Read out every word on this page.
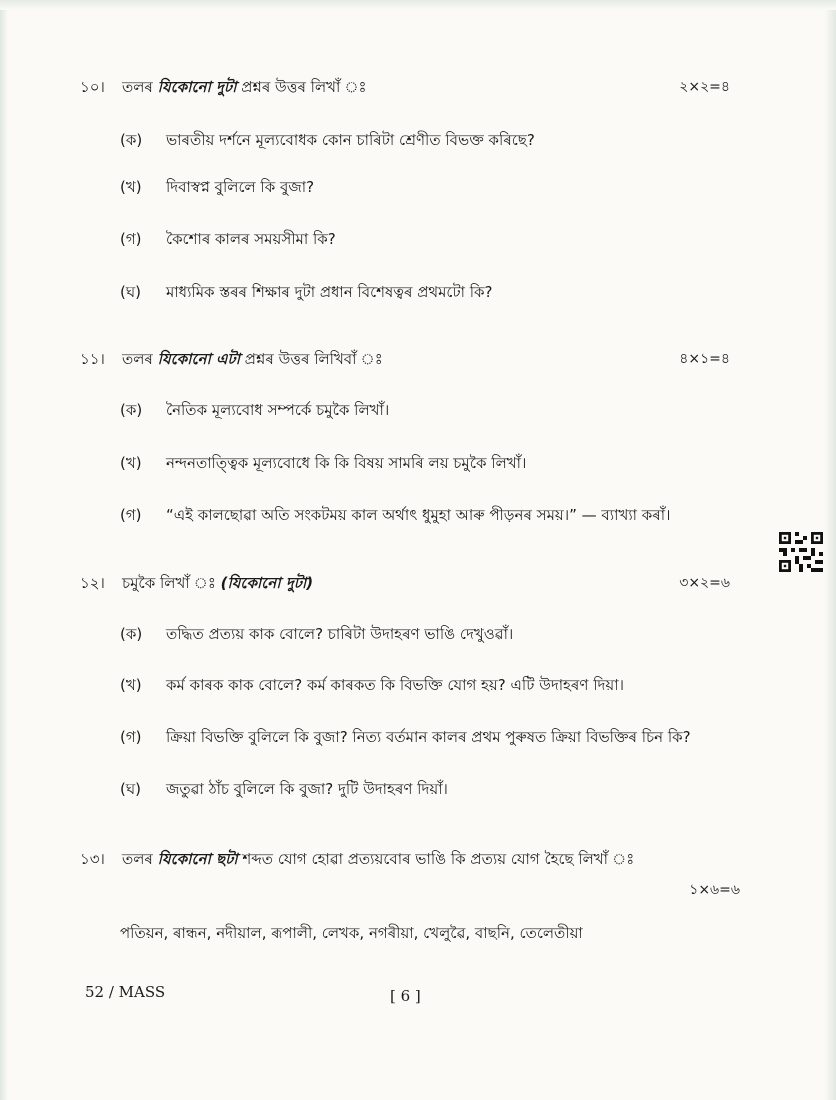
১০। তলৰ যিকোনো দুটা প্ৰশ্নৰ উত্তৰ লিখাঁ ঃ	২×২=৪
(ক) ভাৰতীয় দৰ্শনে মূল্যবোধক কোন চাৰিটা শ্ৰেণীত বিভক্ত কৰিছে?
(খ) দিবাস্বপ্ন বুলিলে কি বুজা?
(গ) কৈশোৰ কালৰ সময়সীমা কি?
(ঘ) মাধ্যমিক স্তৰৰ শিক্ষাৰ দুটা প্ৰধান বিশেষত্বৰ প্ৰথমটো কি?
১১। তলৰ যিকোনো এটা প্ৰশ্নৰ উত্তৰ লিখিবাঁ ঃ	৪×১=৪
(ক) নৈতিক মূল্যবোধ সম্পৰ্কে চমুকৈ লিখাঁ।
(খ) নন্দনতাত্ত্বিক মূল্যবোধে কি কি বিষয় সামৰি লয় চমুকৈ লিখাঁ।
(গ) “এই কালছোৱা অতি সংকটময় কাল অৰ্থাৎ ধুমুহা আৰু পীড়নৰ সময়।” — ব্যাখ্যা কৰাঁ।
১২। চমুকৈ লিখাঁ ঃ (যিকোনো দুটা)	৩×২=৬
(ক) তদ্ধিত প্ৰত্যয় কাক বোলে? চাৰিটা উদাহৰণ ভাঙি দেখুওৱাঁ।
(খ) কৰ্ম কাৰক কাক বোলে? কৰ্ম কাৰকত কি বিভক্তি যোগ হয়? এটি উদাহৰণ দিয়া।
(গ) ক্ৰিয়া বিভক্তি বুলিলে কি বুজা? নিত্য বৰ্তমান কালৰ প্ৰথম পুৰুষত ক্ৰিয়া বিভক্তিৰ চিন কি?
(ঘ) জতুৱা ঠাঁচ বুলিলে কি বুজা? দুটি উদাহৰণ দিয়াঁ।
১৩। তলৰ যিকোনো ছটা শব্দত যোগ হোৱা প্ৰত্যয়বোৰ ভাঙি কি প্ৰত্যয় যোগ হৈছে লিখাঁ ঃ
১×৬=৬
পতিয়ন, ৰান্ধন, নদীয়াল, ৰূপালী, লেখক, নগৰীয়া, খেলুৱৈ, বাছনি, তেলেতীয়া
52 / MASS	[ 6 ]
